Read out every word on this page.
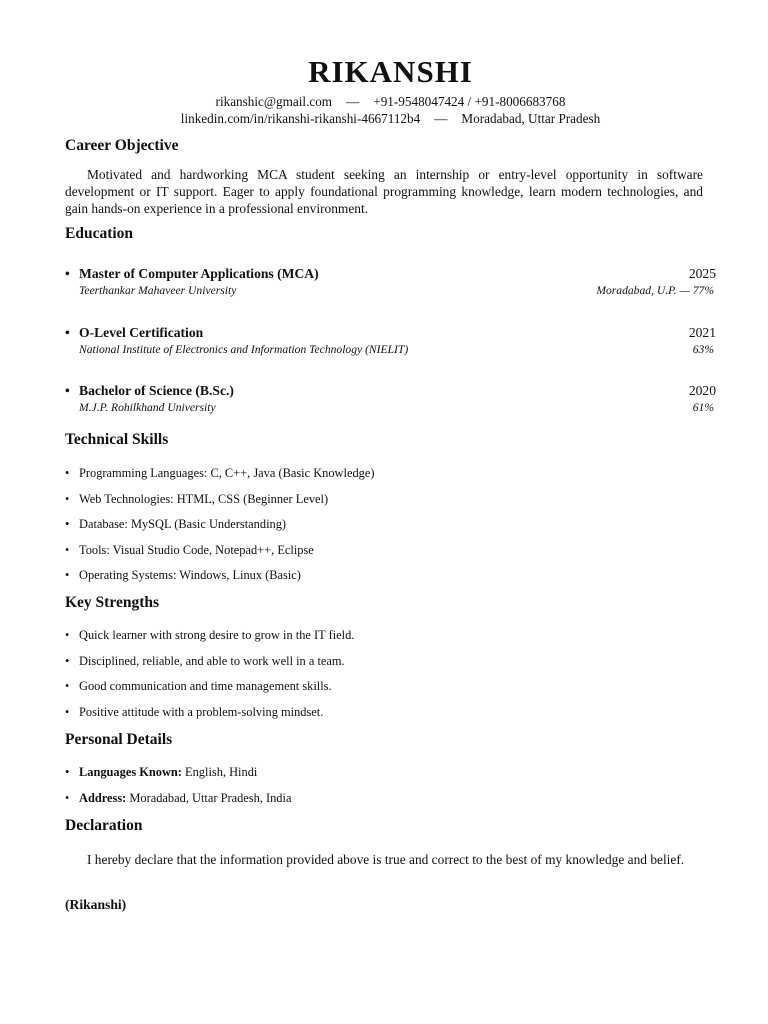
RIKANSHI
rikanshic@gmail.com — +91-9548047424 / +91-8006683768
linkedin.com/in/rikanshi-rikanshi-4667112b4 — Moradabad, Uttar Pradesh
Career Objective

Motivated and hardworking MCA student seeking an internship or entry-level opportunity in software development or IT support. Eager to apply foundational programming knowledge, learn modern technologies, and gain hands-on experience in a professional environment.

Education
• Master of Computer Applications (MCA)	2025
Teerthankar Mahaveer University	Moradabad, U.P. — 77%
• O-Level Certification	2021
National Institute of Electronics and Information Technology (NIELIT)	63%
• Bachelor of Science (B.Sc.)	2020
M.J.P. Rohilkhand University	61%
Technical Skills
• Programming Languages: C, C++, Java (Basic Knowledge)
• Web Technologies: HTML, CSS (Beginner Level)
• Database: MySQL (Basic Understanding)
• Tools: Visual Studio Code, Notepad++, Eclipse
• Operating Systems: Windows, Linux (Basic)
Key Strengths
• Quick learner with strong desire to grow in the IT field.
• Disciplined, reliable, and able to work well in a team.
• Good communication and time management skills.
• Positive attitude with a problem-solving mindset.
Personal Details
• Languages Known: English, Hindi
• Address: Moradabad, Uttar Pradesh, India
Declaration

I hereby declare that the information provided above is true and correct to the best of my knowledge and belief.

(Rikanshi)
